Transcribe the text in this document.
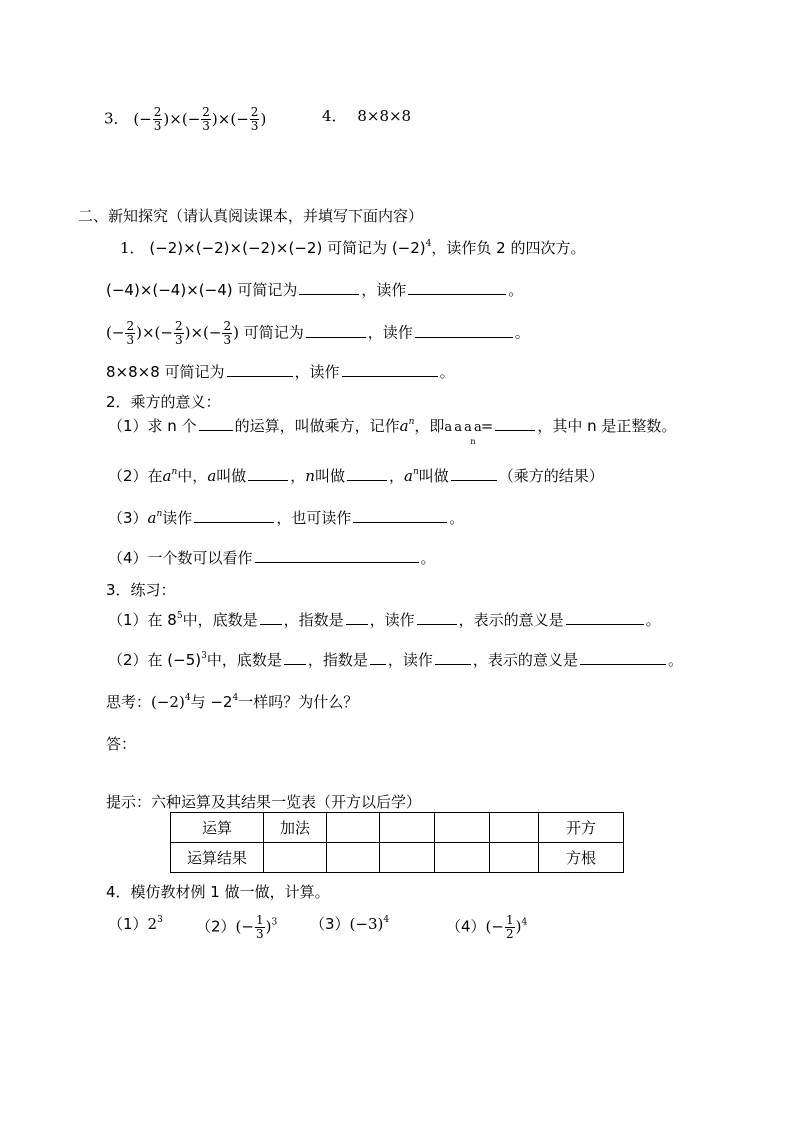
3． (− $\frac{2}{3}$ )×(− $\frac{2}{3}$ )×(− $\frac{2}{3}$ )	4． 8×8×8
二、新知探究（请认真阅读课本，并填写下面内容）
1． (−2)×(−2)×(−2)×(−2) 可简记为 $(-2)^4$，读作负 2 的四次方。
(−4)×(−4)×(−4) 可简记为	，读作	。
(− $\frac{2}{3}$ )×(− $\frac{2}{3}$ )×(− $\frac{2}{3}$ ) 可简记为	，读作	。
8×8×8 可简记为	，读作	。
2．乘方的意义：
（1）求 n 个	的运算，叫做乘方，记作$a^n$，即a a a a
n
=	，其中 n 是正整数。
（2）在$a^n$中，a叫做	，n叫做	，$a^n$叫做	（乘方的结果）
$(3)a^n$读作	，也可读作	。
（4）一个数可以看作	。
3．练习：
（1）在 $8^5$中，底数是 ，指数是 ，读作	，表示的意义是	。
（2）在 $(-5)^3$中，底数是 ，指数是 ，读作	，表示的意义是	。
思考：$(-2)^4$与 $-2^4$一样吗？为什么？
答：
提示：六种运算及其结果一览表（开方以后学）
运算	加法					开方
运算结果						方根
4．模仿教材例 1 做一做，计算。
$(1)2^3$ $(2)(- \frac{1}{3} )^3$ $(3)(-3)^4$	$(4)(- \frac{1}{2} )^4$
